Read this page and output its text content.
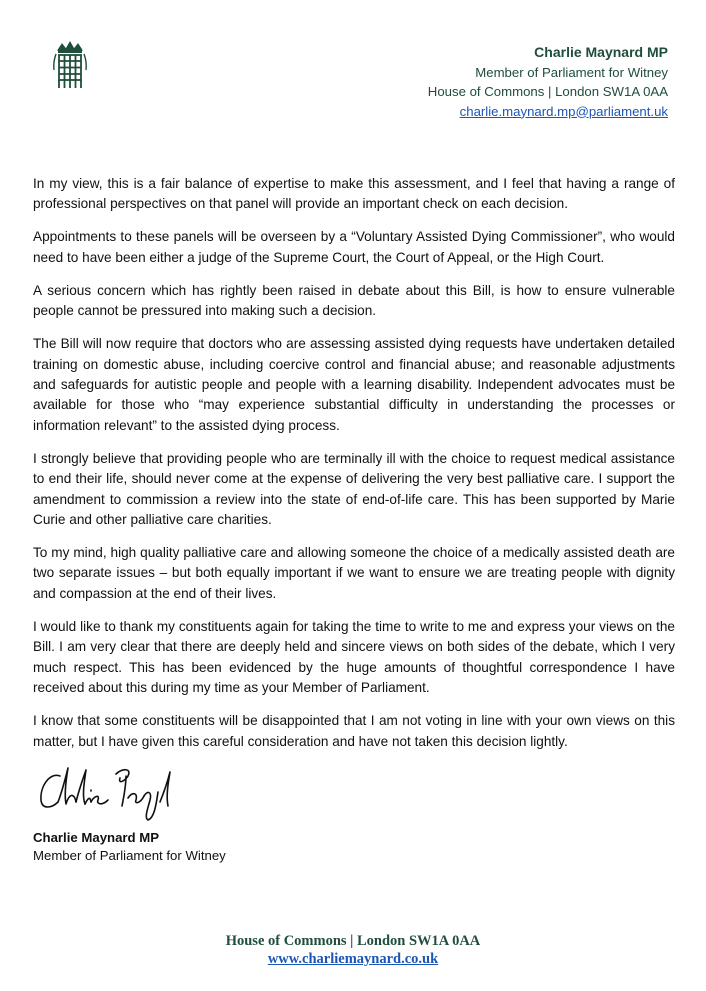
Charlie Maynard MP
Member of Parliament for Witney
House of Commons | London SW1A 0AA
charlie.maynard.mp@parliament.uk

In my view, this is a fair balance of expertise to make this assessment, and I feel that having a range of professional perspectives on that panel will provide an important check on each decision.

Appointments to these panels will be overseen by a “Voluntary Assisted Dying Commissioner”, who would need to have been either a judge of the Supreme Court, the Court of Appeal, or the High Court.

A serious concern which has rightly been raised in debate about this Bill, is how to ensure vulnerable people cannot be pressured into making such a decision.

The Bill will now require that doctors who are assessing assisted dying requests have undertaken detailed training on domestic abuse, including coercive control and financial abuse; and reasonable adjustments and safeguards for autistic people and people with a learning disability. Independent advocates must be available for those who “may experience substantial difficulty in understanding the processes or information relevant” to the assisted dying process.

I strongly believe that providing people who are terminally ill with the choice to request medical assistance to end their life, should never come at the expense of delivering the very best palliative care. I support the amendment to commission a review into the state of end-of-life care. This has been supported by Marie Curie and other palliative care charities.

To my mind, high quality palliative care and allowing someone the choice of a medically assisted death are two separate issues – but both equally important if we want to ensure we are treating people with dignity and compassion at the end of their lives.

I would like to thank my constituents again for taking the time to write to me and express your views on the Bill. I am very clear that there are deeply held and sincere views on both sides of the debate, which I very much respect. This has been evidenced by the huge amounts of thoughtful correspondence I have received about this during my time as your Member of Parliament.

I know that some constituents will be disappointed that I am not voting in line with your own views on this matter, but I have given this careful consideration and have not taken this decision lightly.

Charlie Maynard MP
Member of Parliament for Witney
House of Commons | London SW1A 0AA
www.charliemaynard.co.uk
